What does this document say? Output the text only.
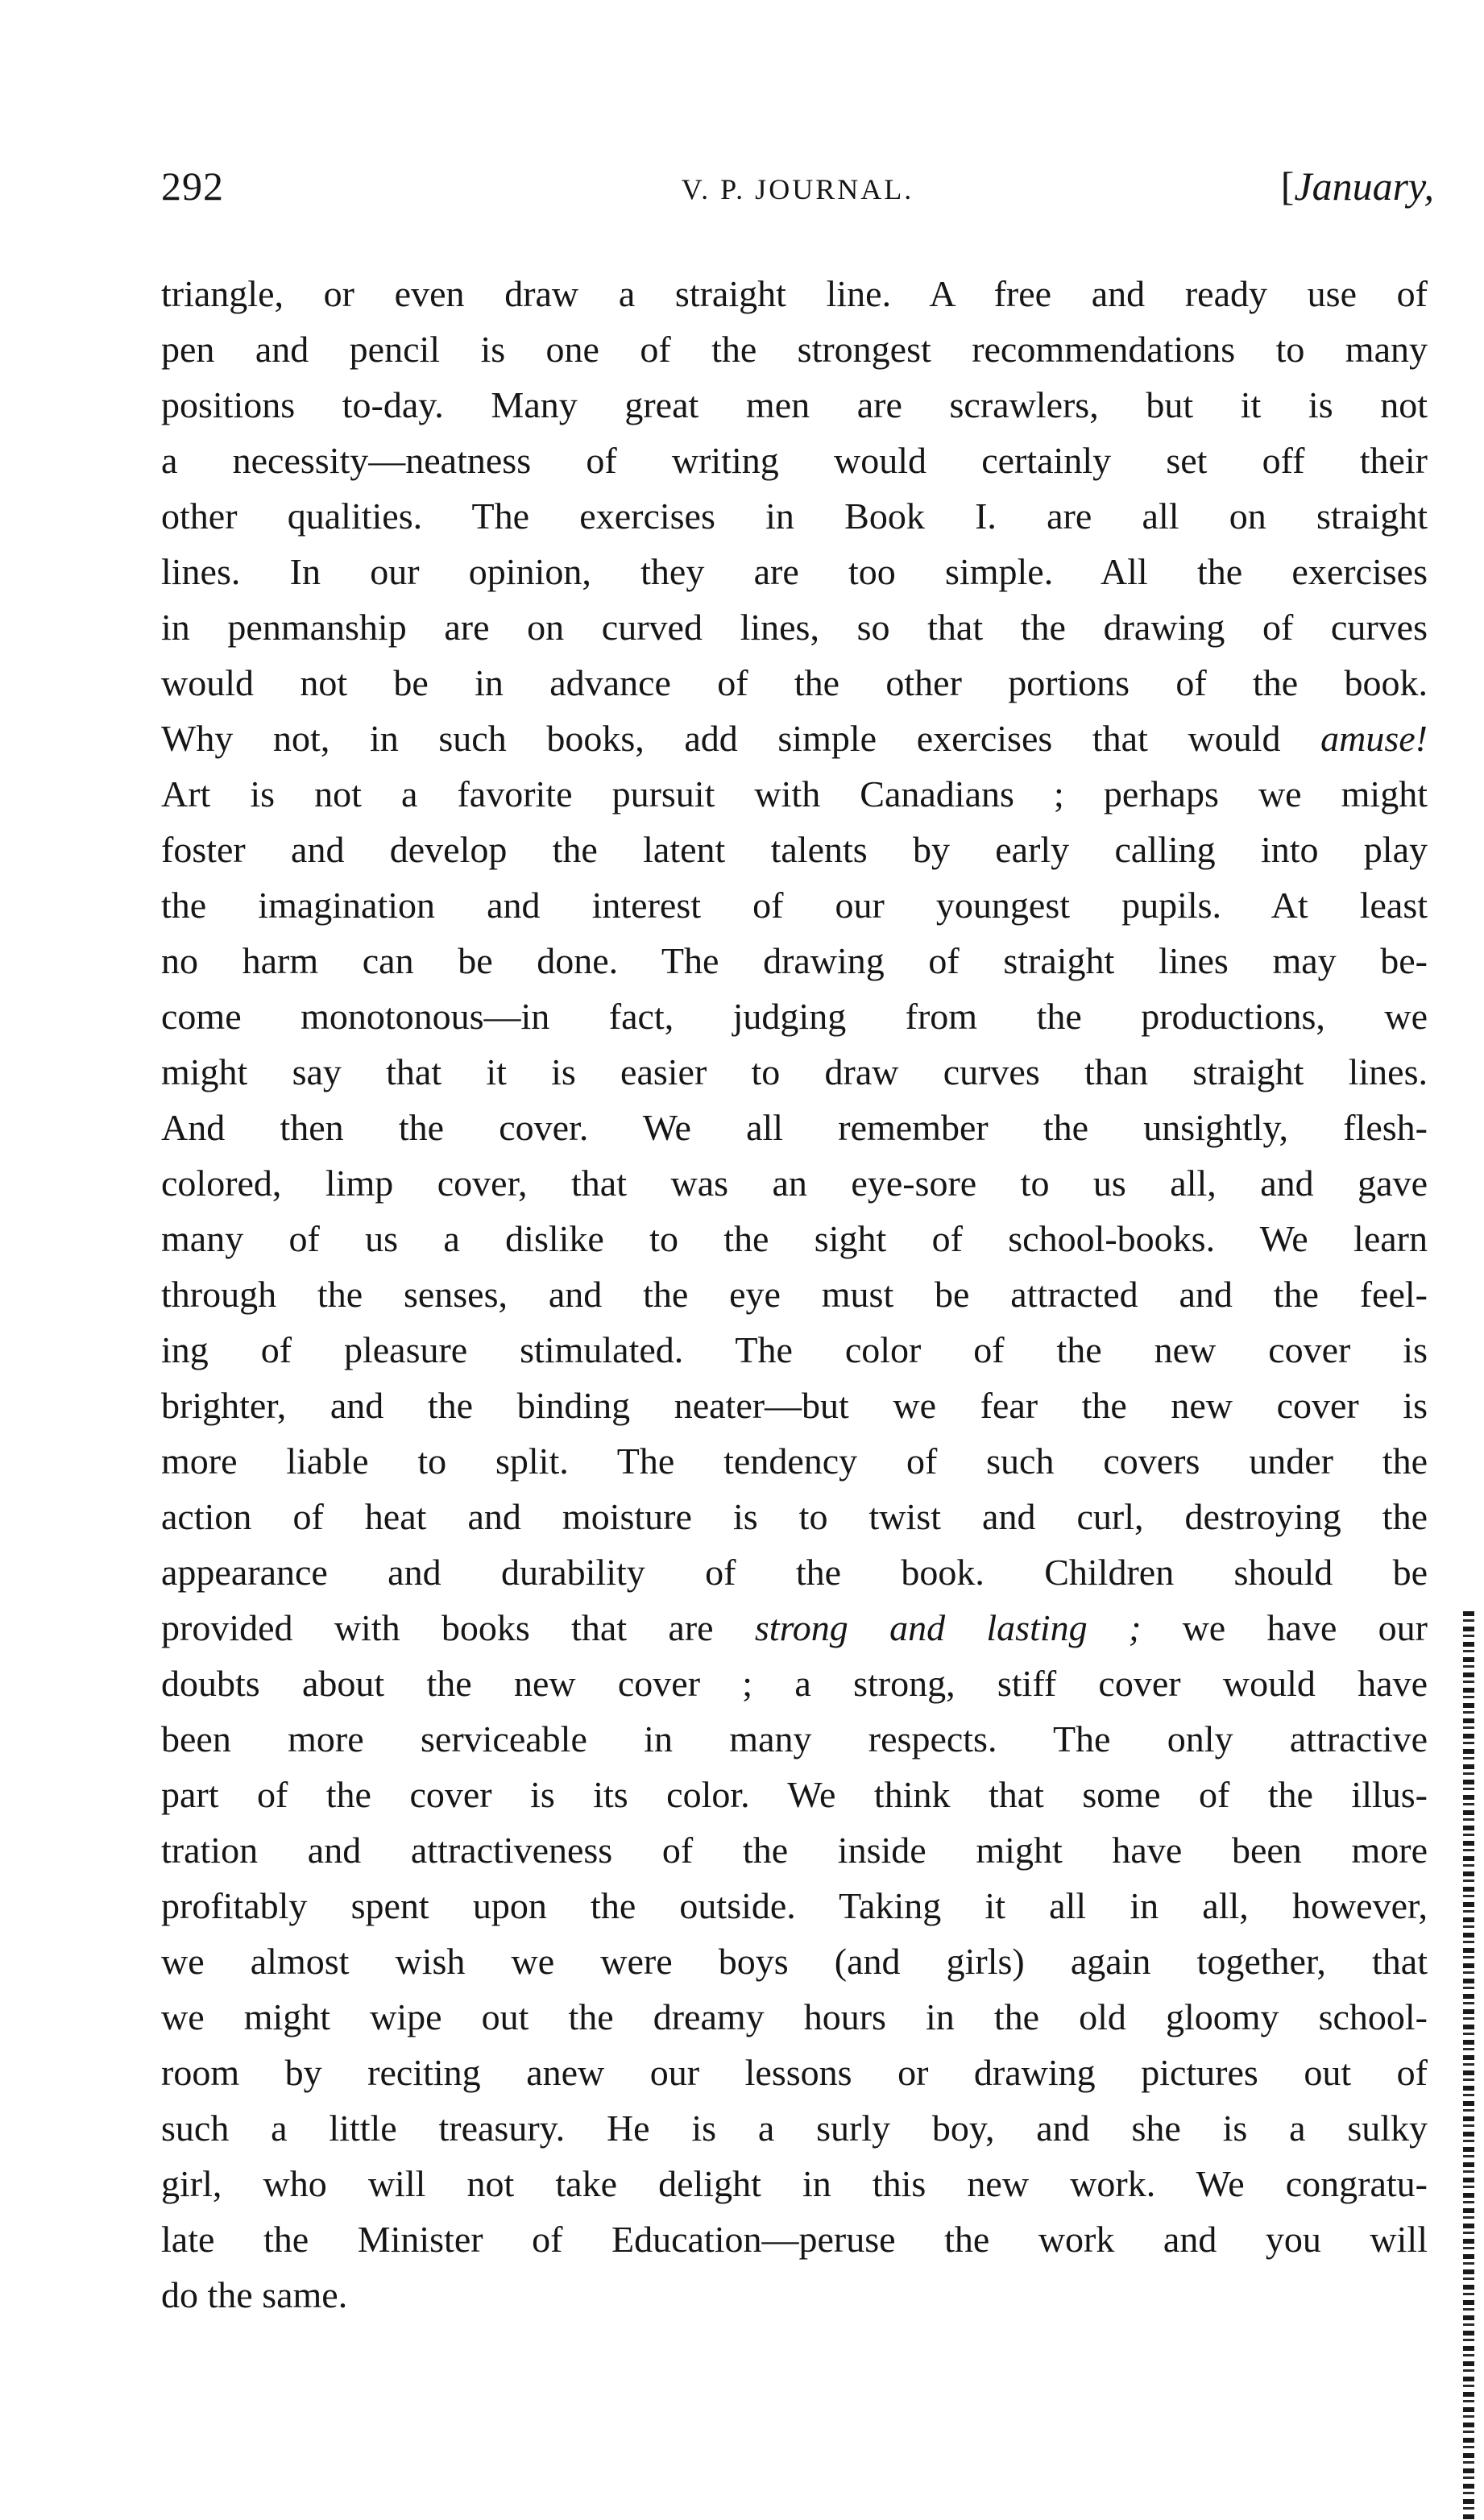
292	V. P. JOURNAL.	[January,
triangle, or even draw a straight line. A free and ready use of
pen and pencil is one of the strongest recommendations to many
positions to-day. Many great men are scrawlers, but it is not
a necessity—neatness of writing would certainly set off their
other qualities. The exercises in Book I. are all on straight
lines. In our opinion, they are too simple. All the exercises
in penmanship are on curved lines, so that the drawing of curves
would not be in advance of the other portions of the book.
Why not, in such books, add simple exercises that would amuse!
Art is not a favorite pursuit with Canadians ; perhaps we might
foster and develop the latent talents by early calling into play
the imagination and interest of our youngest pupils. At least
no harm can be done. The drawing of straight lines may be-
come monotonous—in fact, judging from the productions, we
might say that it is easier to draw curves than straight lines.
And then the cover. We all remember the unsightly, flesh-
colored, limp cover, that was an eye-sore to us all, and gave
many of us a dislike to the sight of school-books. We learn
through the senses, and the eye must be attracted and the feel-
ing of pleasure stimulated. The color of the new cover is
brighter, and the binding neater—but we fear the new cover is
more liable to split. The tendency of such covers under the
action of heat and moisture is to twist and curl, destroying the
appearance and durability of the book. Children should be
provided with books that are strong and lasting ; we have our
doubts about the new cover ; a strong, stiff cover would have
been more serviceable in many respects. The only attractive
part of the cover is its color. We think that some of the illus-
tration and attractiveness of the inside might have been more
profitably spent upon the outside. Taking it all in all, however,
we almost wish we were boys (and girls) again together, that
we might wipe out the dreamy hours in the old gloomy school-
room by reciting anew our lessons or drawing pictures out of
such a little treasury. He is a surly boy, and she is a sulky
girl, who will not take delight in this new work. We congratu-
late the Minister of Education—peruse the work and you will
do the same.
